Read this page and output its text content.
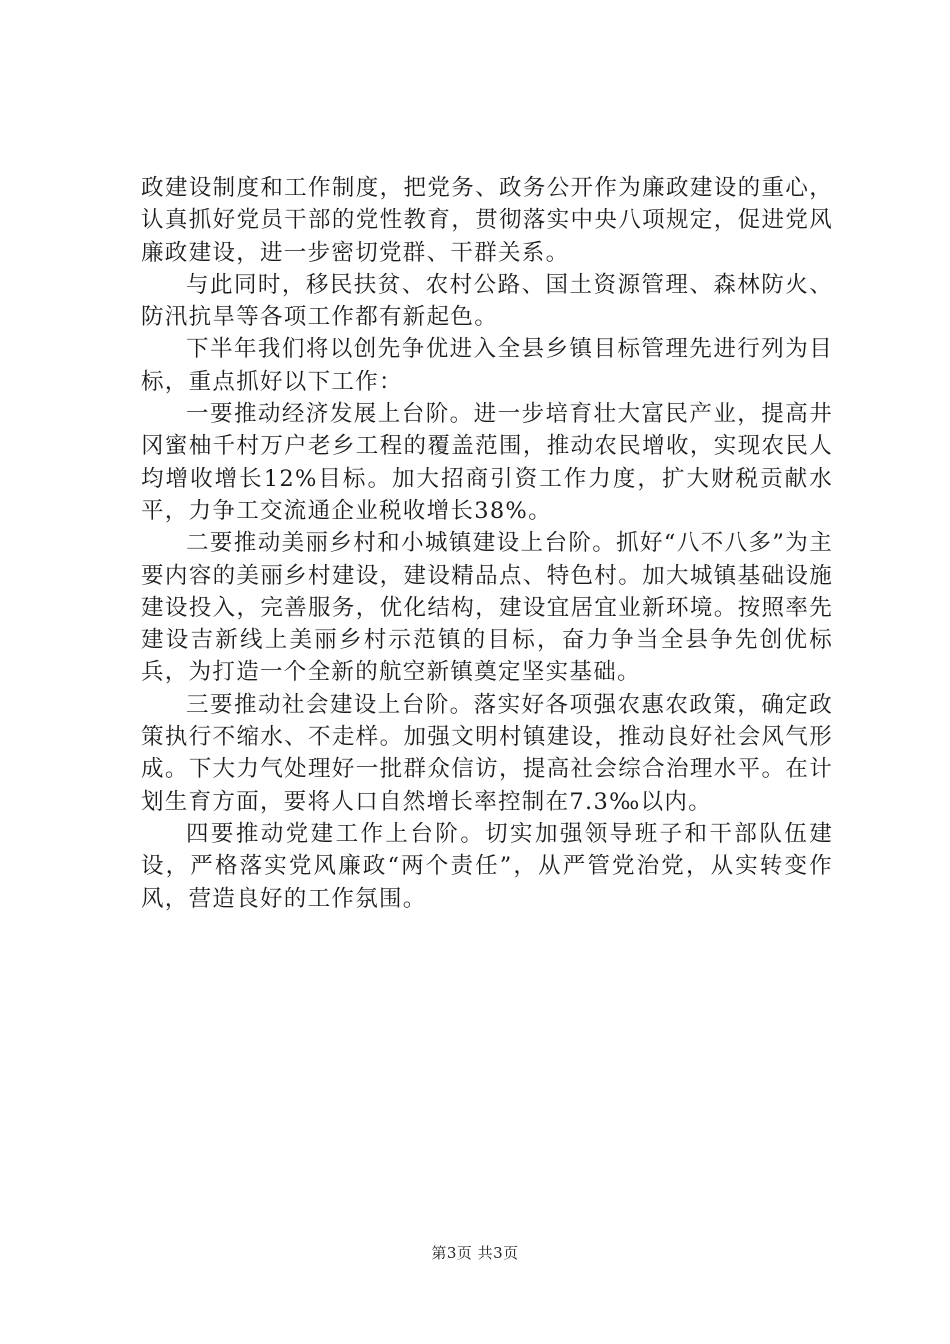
政建设制度和工作制度，把党务、政务公开作为廉政建设的重心，认真抓好党员干部的党性教育，贯彻落实中央八项规定，促进党风廉政建设，进一步密切党群、干群关系。

与此同时，移民扶贫、农村公路、国土资源管理、森林防火、防汛抗旱等各项工作都有新起色。

下半年我们将以创先争优进入全县乡镇目标管理先进行列为目标，重点抓好以下工作：

一要推动经济发展上台阶。进一步培育壮大富民产业，提高井冈蜜柚千村万户老乡工程的覆盖范围，推动农民增收，实现农民人均增收增长12%目标。加大招商引资工作力度，扩大财税贡献水平，力争工交流通企业税收增长38%。

二要推动美丽乡村和小城镇建设上台阶。抓好“八不八多”为主要内容的美丽乡村建设，建设精品点、特色村。加大城镇基础设施建设投入，完善服务，优化结构，建设宜居宜业新环境。按照率先建设吉新线上美丽乡村示范镇的目标，奋力争当全县争先创优标兵，为打造一个全新的航空新镇奠定坚实基础。

三要推动社会建设上台阶。落实好各项强农惠农政策，确定政策执行不缩水、不走样。加强文明村镇建设，推动良好社会风气形成。下大力气处理好一批群众信访，提高社会综合治理水平。在计划生育方面，要将人口自然增长率控制在7.3‰以内。

四要推动党建工作上台阶。切实加强领导班子和干部队伍建设，严格落实党风廉政“两个责任”，从严管党治党，从实转变作风，营造良好的工作氛围。

第3页 共3页
